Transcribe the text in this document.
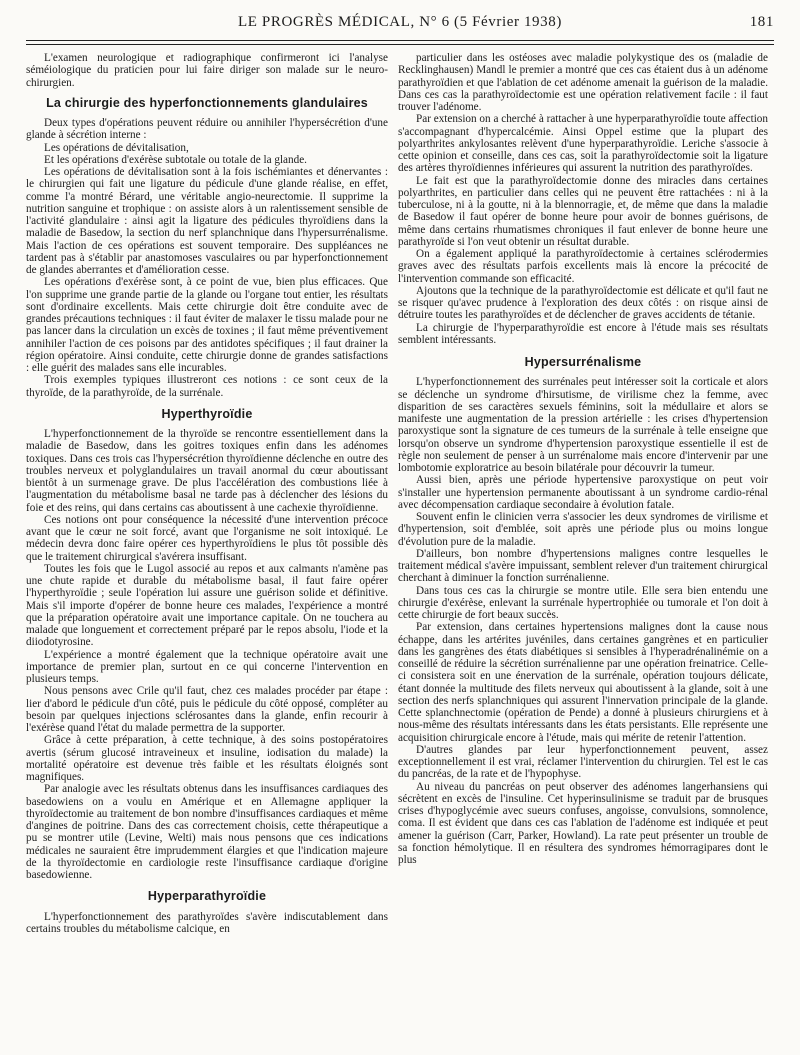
LE PROGRÈS MÉDICAL, N° 6 (5 Février 1938)	181

L'examen neurologique et radiographique confirmeront ici l'analyse séméiologique du praticien pour lui faire diriger son malade sur le neuro-chirurgien.

La chirurgie des hyperfonctionnements glandulaires

Deux types d'opérations peuvent réduire ou annihiler l'hypersécrétion d'une glande à sécrétion interne :

Les opérations de dévitalisation,

Et les opérations d'exérèse subtotale ou totale de la glande.

Les opérations de dévitalisation sont à la fois ischémiantes et dénervantes : le chirurgien qui fait une ligature du pédicule d'une glande réalise, en effet, comme l'a montré Bérard, une véritable angio-neurectomie. Il supprime la nutrition sanguine et trophique : on assiste alors à un ralentissement sensible de l'activité glandulaire : ainsi agit la ligature des pédicules thyroïdiens dans la maladie de Basedow, la section du nerf splanchnique dans l'hypersurrénalisme. Mais l'action de ces opérations est souvent temporaire. Des suppléances ne tardent pas à s'établir par anastomoses vasculaires ou par hyperfonctionnement de glandes aberrantes et d'amélioration cesse.

Les opérations d'exérèse sont, à ce point de vue, bien plus efficaces. Que l'on supprime une grande partie de la glande ou l'organe tout entier, les résultats sont d'ordinaire excellents. Mais cette chirurgie doit être conduite avec de grandes précautions techniques : il faut éviter de malaxer le tissu malade pour ne pas lancer dans la circulation un excès de toxines ; il faut même préventivement annihiler l'action de ces poisons par des antidotes spécifiques ; il faut drainer la région opératoire. Ainsi conduite, cette chirurgie donne de grandes satisfactions : elle guérit des malades sans elle incurables.

Trois exemples typiques illustreront ces notions : ce sont ceux de la thyroïde, de la parathyroïde, de la surrénale.

Hyperthyroïdie

L'hyperfonctionnement de la thyroïde se rencontre essentiellement dans la maladie de Basedow, dans les goitres toxiques enfin dans les adénomes toxiques. Dans ces trois cas l'hypersécrétion thyroïdienne déclenche en outre des troubles nerveux et polyglandulaires un travail anormal du cœur aboutissant bientôt à un surmenage grave. De plus l'accélération des combustions liée à l'augmentation du métabolisme basal ne tarde pas à déclencher des lésions du foie et des reins, qui dans certains cas aboutissent à une cachexie thyroïdienne.

Ces notions ont pour conséquence la nécessité d'une intervention précoce avant que le cœur ne soit forcé, avant que l'organisme ne soit intoxiqué. Le médecin devra donc faire opérer ces hyperthyroïdiens le plus tôt possible dès que le traitement chirurgical s'avérera insuffisant.

Toutes les fois que le Lugol associé au repos et aux calmants n'amène pas une chute rapide et durable du métabolisme basal, il faut faire opérer l'hyperthyroïdie ; seule l'opération lui assure une guérison solide et définitive. Mais s'il importe d'opérer de bonne heure ces malades, l'expérience a montré que la préparation opératoire avait une importance capitale. On ne touchera au malade que longuement et correctement préparé par le repos absolu, l'iode et la diiodotyrosine.

L'expérience a montré également que la technique opératoire avait une importance de premier plan, surtout en ce qui concerne l'intervention en plusieurs temps.

Nous pensons avec Crile qu'il faut, chez ces malades procéder par étape : lier d'abord le pédicule d'un côté, puis le pédicule du côté opposé, compléter au besoin par quelques injections sclérosantes dans la glande, enfin recourir à l'exérèse quand l'état du malade permettra de la supporter.

Grâce à cette préparation, à cette technique, à des soins postopératoires avertis (sérum glucosé intraveineux et insuline, iodisation du malade) la mortalité opératoire est devenue très faible et les résultats éloignés sont magnifiques.

Par analogie avec les résultats obtenus dans les insuffisances cardiaques des basedowiens on a voulu en Amérique et en Allemagne appliquer la thyroïdectomie au traitement de bon nombre d'insuffisances cardiaques et même d'angines de poitrine. Dans des cas correctement choisis, cette thérapeutique a pu se montrer utile (Levine, Welti) mais nous pensons que ces indications médicales ne sauraient être imprudemment élargies et que l'indication majeure de la thyroïdectomie en cardiologie reste l'insuffisance cardiaque d'origine basedowienne.

Hyperparathyroïdie

L'hyperfonctionnement des parathyroïdes s'avère indiscutablement dans certains troubles du métabolisme calcique, en

particulier dans les ostéoses avec maladie polykystique des os (maladie de Recklinghausen) Mandl le premier a montré que ces cas étaient dus à un adénome parathyroïdien et que l'ablation de cet adénome amenait la guérison de la maladie. Dans ces cas la parathyroïdectomie est une opération relativement facile : il faut trouver l'adénome.

Par extension on a cherché à rattacher à une hyperparathyroïdie toute affection s'accompagnant d'hypercalcémie. Ainsi Oppel estime que la plupart des polyarthrites ankylosantes relèvent d'une hyperparathyroïdie. Leriche s'associe à cette opinion et conseille, dans ces cas, soit la parathyroïdectomie soit la ligature des artères thyroïdiennes inférieures qui assurent la nutrition des parathyroïdes.

Le fait est que la parathyroïdectomie donne des miracles dans certaines polyarthrites, en particulier dans celles qui ne peuvent être rattachées : ni à la tuberculose, ni à la goutte, ni à la blennorragie, et, de même que dans la maladie de Basedow il faut opérer de bonne heure pour avoir de bonnes guérisons, de même dans certains rhumatismes chroniques il faut enlever de bonne heure une parathyroïde si l'on veut obtenir un résultat durable.

On a également appliqué la parathyroïdectomie à certaines sclérodermies graves avec des résultats parfois excellents mais là encore la précocité de l'intervention commande son efficacité.

Ajoutons que la technique de la parathyroïdectomie est délicate et qu'il faut ne se risquer qu'avec prudence à l'exploration des deux côtés : on risque ainsi de détruire toutes les parathyroïdes et de déclencher de graves accidents de tétanie.

La chirurgie de l'hyperparathyroïdie est encore à l'étude mais ses résultats semblent intéressants.

Hypersurrénalisme

L'hyperfonctionnement des surrénales peut intéresser soit la corticale et alors se déclenche un syndrome d'hirsutisme, de virilisme chez la femme, avec disparition de ses caractères sexuels féminins, soit la médullaire et alors se manifeste une augmentation de la pression artérielle : les crises d'hypertension paroxystique sont la signature de ces tumeurs de la surrénale à telle enseigne que lorsqu'on observe un syndrome d'hypertension paroxystique essentielle il est de règle non seulement de penser à un surrénalome mais encore d'intervenir par une lombotomie exploratrice au besoin bilatérale pour découvrir la tumeur.

Aussi bien, après une période hypertensive paroxystique on peut voir s'installer une hypertension permanente aboutissant à un syndrome cardio-rénal avec décompensation cardiaque secondaire à évolution fatale.

Souvent enfin le clinicien verra s'associer les deux syndromes de virilisme et d'hypertension, soit d'emblée, soit après une période plus ou moins longue d'évolution pure de la maladie.

D'ailleurs, bon nombre d'hypertensions malignes contre lesquelles le traitement médical s'avère impuissant, semblent relever d'un traitement chirurgical cherchant à diminuer la fonction surrénalienne.

Dans tous ces cas la chirurgie se montre utile. Elle sera bien entendu une chirurgie d'exérèse, enlevant la surrénale hypertrophiée ou tumorale et l'on doit à cette chirurgie de fort beaux succès.

Par extension, dans certaines hypertensions malignes dont la cause nous échappe, dans les artérites juvéniles, dans certaines gangrènes et en particulier dans les gangrènes des états diabétiques si sensibles à l'hyperadrénalinémie on a conseillé de réduire la sécrétion surrénalienne par une opération freinatrice. Celle-ci consistera soit en une énervation de la surrénale, opération toujours délicate, étant donnée la multitude des filets nerveux qui aboutissent à la glande, soit à une section des nerfs splanchniques qui assurent l'innervation principale de la glande. Cette splanchnectomie (opération de Pende) a donné à plusieurs chirurgiens et à nous-même des résultats intéressants dans les états persistants. Elle représente une acquisition chirurgicale encore à l'étude, mais qui mérite de retenir l'attention.

D'autres glandes par leur hyperfonctionnement peuvent, assez exceptionnellement il est vrai, réclamer l'intervention du chirurgien. Tel est le cas du pancréas, de la rate et de l'hypophyse.

Au niveau du pancréas on peut observer des adénomes langerhansiens qui sécrètent en excès de l'insuline. Cet hyperinsulinisme se traduit par de brusques crises d'hypoglycémie avec sueurs confuses, angoisse, convulsions, somnolence, coma. Il est évident que dans ces cas l'ablation de l'adénome est indiquée et peut amener la guérison (Carr, Parker, Howland). La rate peut présenter un trouble de sa fonction hémolytique. Il en résultera des syndromes hémorragipares dont le plus
